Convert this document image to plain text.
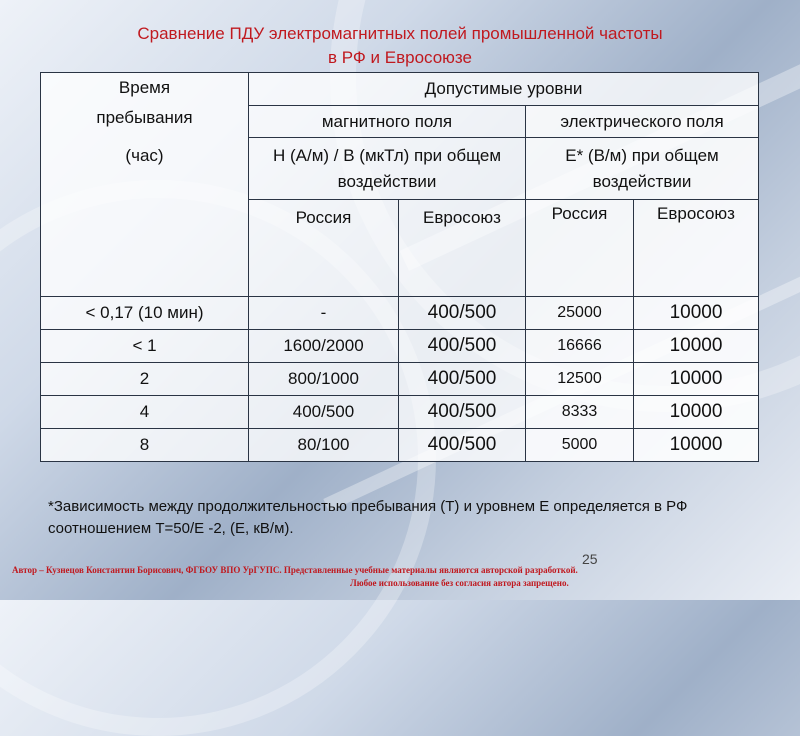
Сравнение ПДУ электромагнитных полей промышленной частоты
в РФ и Евросоюзе
Время
пребывания
(час)	Допустимые уровни			
	магнитного поля		электрического поля	
	Н (А/м) / В (мкТл) при общем воздействии		Е* (В/м) при общем воздействии	
	Россия	Евросоюз	Россия	Евросоюз
< 0,17 (10 мин)	-	400/500	25000	10000
< 1	1600/2000	400/500	16666	10000
2	800/1000	400/500	12500	10000
4	400/500	400/500	8333	10000
8	80/100	400/500	5000	10000
*Зависимость между продолжительностью пребывания (Т) и уровнем Е определяется в РФ соотношением Т=50/Е -2, (Е, кВ/м).
25
Автор – Кузнецов Константин Борисович, ФГБОУ ВПО УрГУПС. Представленные учебные материалы являются авторской разработкой.
Любое использование без согласия автора запрещено.
